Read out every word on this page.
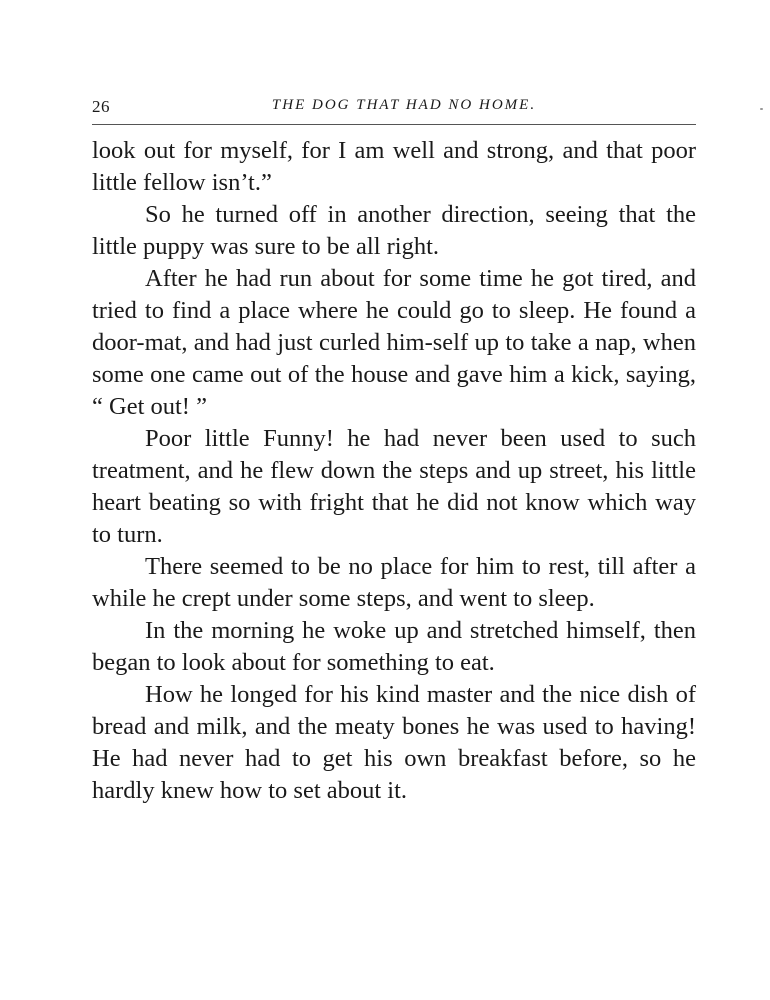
26	THE DOG THAT HAD NO HOME.

look out for myself, for I am well and strong, and that poor little fellow isn’t.”

So he turned off in another direction, seeing that the little puppy was sure to be all right.

After he had run about for some time he got tired, and tried to find a place where he could go to sleep. He found a door-mat, and had just curled him-self up to take a nap, when some one came out of the house and gave him a kick, saying, “ Get out! ”

Poor little Funny! he had never been used to such treatment, and he flew down the steps and up street, his little heart beating so with fright that he did not know which way to turn.

There seemed to be no place for him to rest, till after a while he crept under some steps, and went to sleep.

In the morning he woke up and stretched himself, then began to look about for something to eat.

How he longed for his kind master and the nice dish of bread and milk, and the meaty bones he was used to having! He had never had to get his own breakfast before, so he hardly knew how to set about it.
